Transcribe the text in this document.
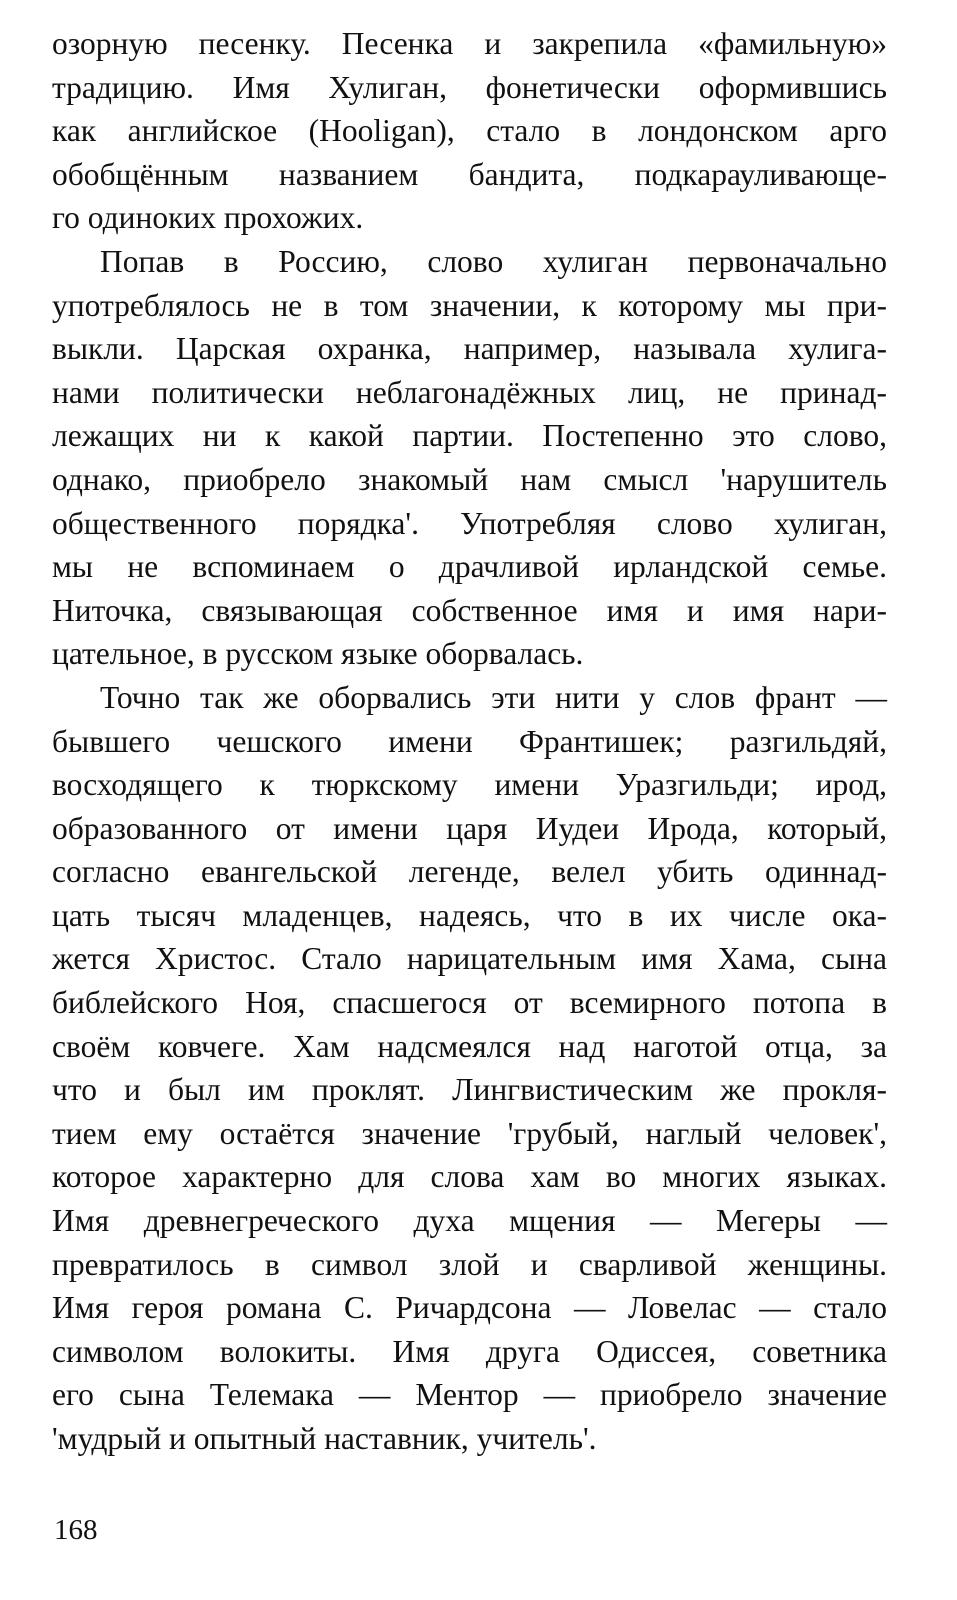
озорную песенку. Песенка и закрепила «фамильную»
традицию. Имя Хулиган, фонетически оформившись
как английское (Hooligan), стало в лондонском арго
обобщённым названием бандита, подкарауливающе-
го одиноких прохожих.
Попав в Россию, слово хулиган первоначально
употреблялось не в том значении, к которому мы при-
выкли. Царская охранка, например, называла хулига-
нами политически неблагонадёжных лиц, не принад-
лежащих ни к какой партии. Постепенно это слово,
однако, приобрело знакомый нам смысл 'нарушитель
общественного порядка'. Употребляя слово хулиган,
мы не вспоминаем о драчливой ирландской семье.
Ниточка, связывающая собственное имя и имя нари-
цательное, в русском языке оборвалась.
Точно так же оборвались эти нити у слов франт —
бывшего чешского имени Франтишек; разгильдяй,
восходящего к тюркскому имени Уразгильди; ирод,
образованного от имени царя Иудеи Ирода, который,
согласно евангельской легенде, велел убить одиннад-
цать тысяч младенцев, надеясь, что в их числе ока-
жется Христос. Стало нарицательным имя Хама, сына
библейского Ноя, спасшегося от всемирного потопа в
своём ковчеге. Хам надсмеялся над наготой отца, за
что и был им проклят. Лингвистическим же прокля-
тием ему остаётся значение 'грубый, наглый человек',
которое характерно для слова хам во многих языках.
Имя древнегреческого духа мщения — Мегеры —
превратилось в символ злой и сварливой женщины.
Имя героя романа С. Ричардсона — Ловелас — стало
символом волокиты. Имя друга Одиссея, советника
его сына Телемака — Ментор — приобрело значение
'мудрый и опытный наставник, учитель'.
168
